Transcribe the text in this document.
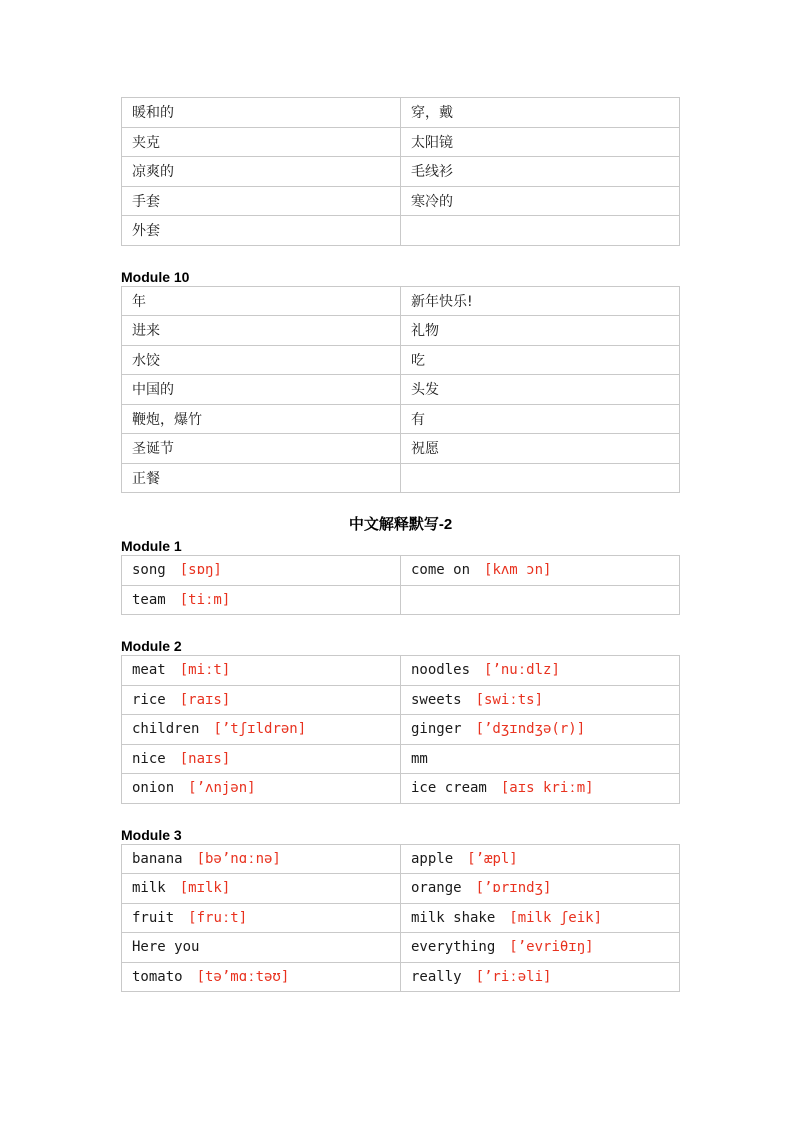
暖和的	穿，戴
夹克	太阳镜
凉爽的	毛线衫
手套	寒冷的
外套	

Module 10

年	新年快乐!
进来	礼物
水饺	吃
中国的	头发
鞭炮，爆竹	有
圣诞节	祝愿
正餐	

中文解释默写-2

Module 1

song [sɒŋ]	come on [kʌm ɔn]
team [tiːm]	

Module 2

meat [miːt]	noodles [’nuːdlz]
rice [raɪs]	sweets [swiːts]
children [’tʃɪldrən]	ginger [’dʒɪndʒə(r)]
nice [naɪs]	mm
onion [’ʌnjən]	ice cream [aɪs kriːm]

Module 3

banana [bə’nɑːnə]	apple [’æpl]
milk [mɪlk]	orange [’ɒrɪndʒ]
fruit [fruːt]	milk shake [milk ʃeik]
Here you	everything [’evriθɪŋ]
tomato [tə’mɑːtəʊ]	really [’riːəli]
